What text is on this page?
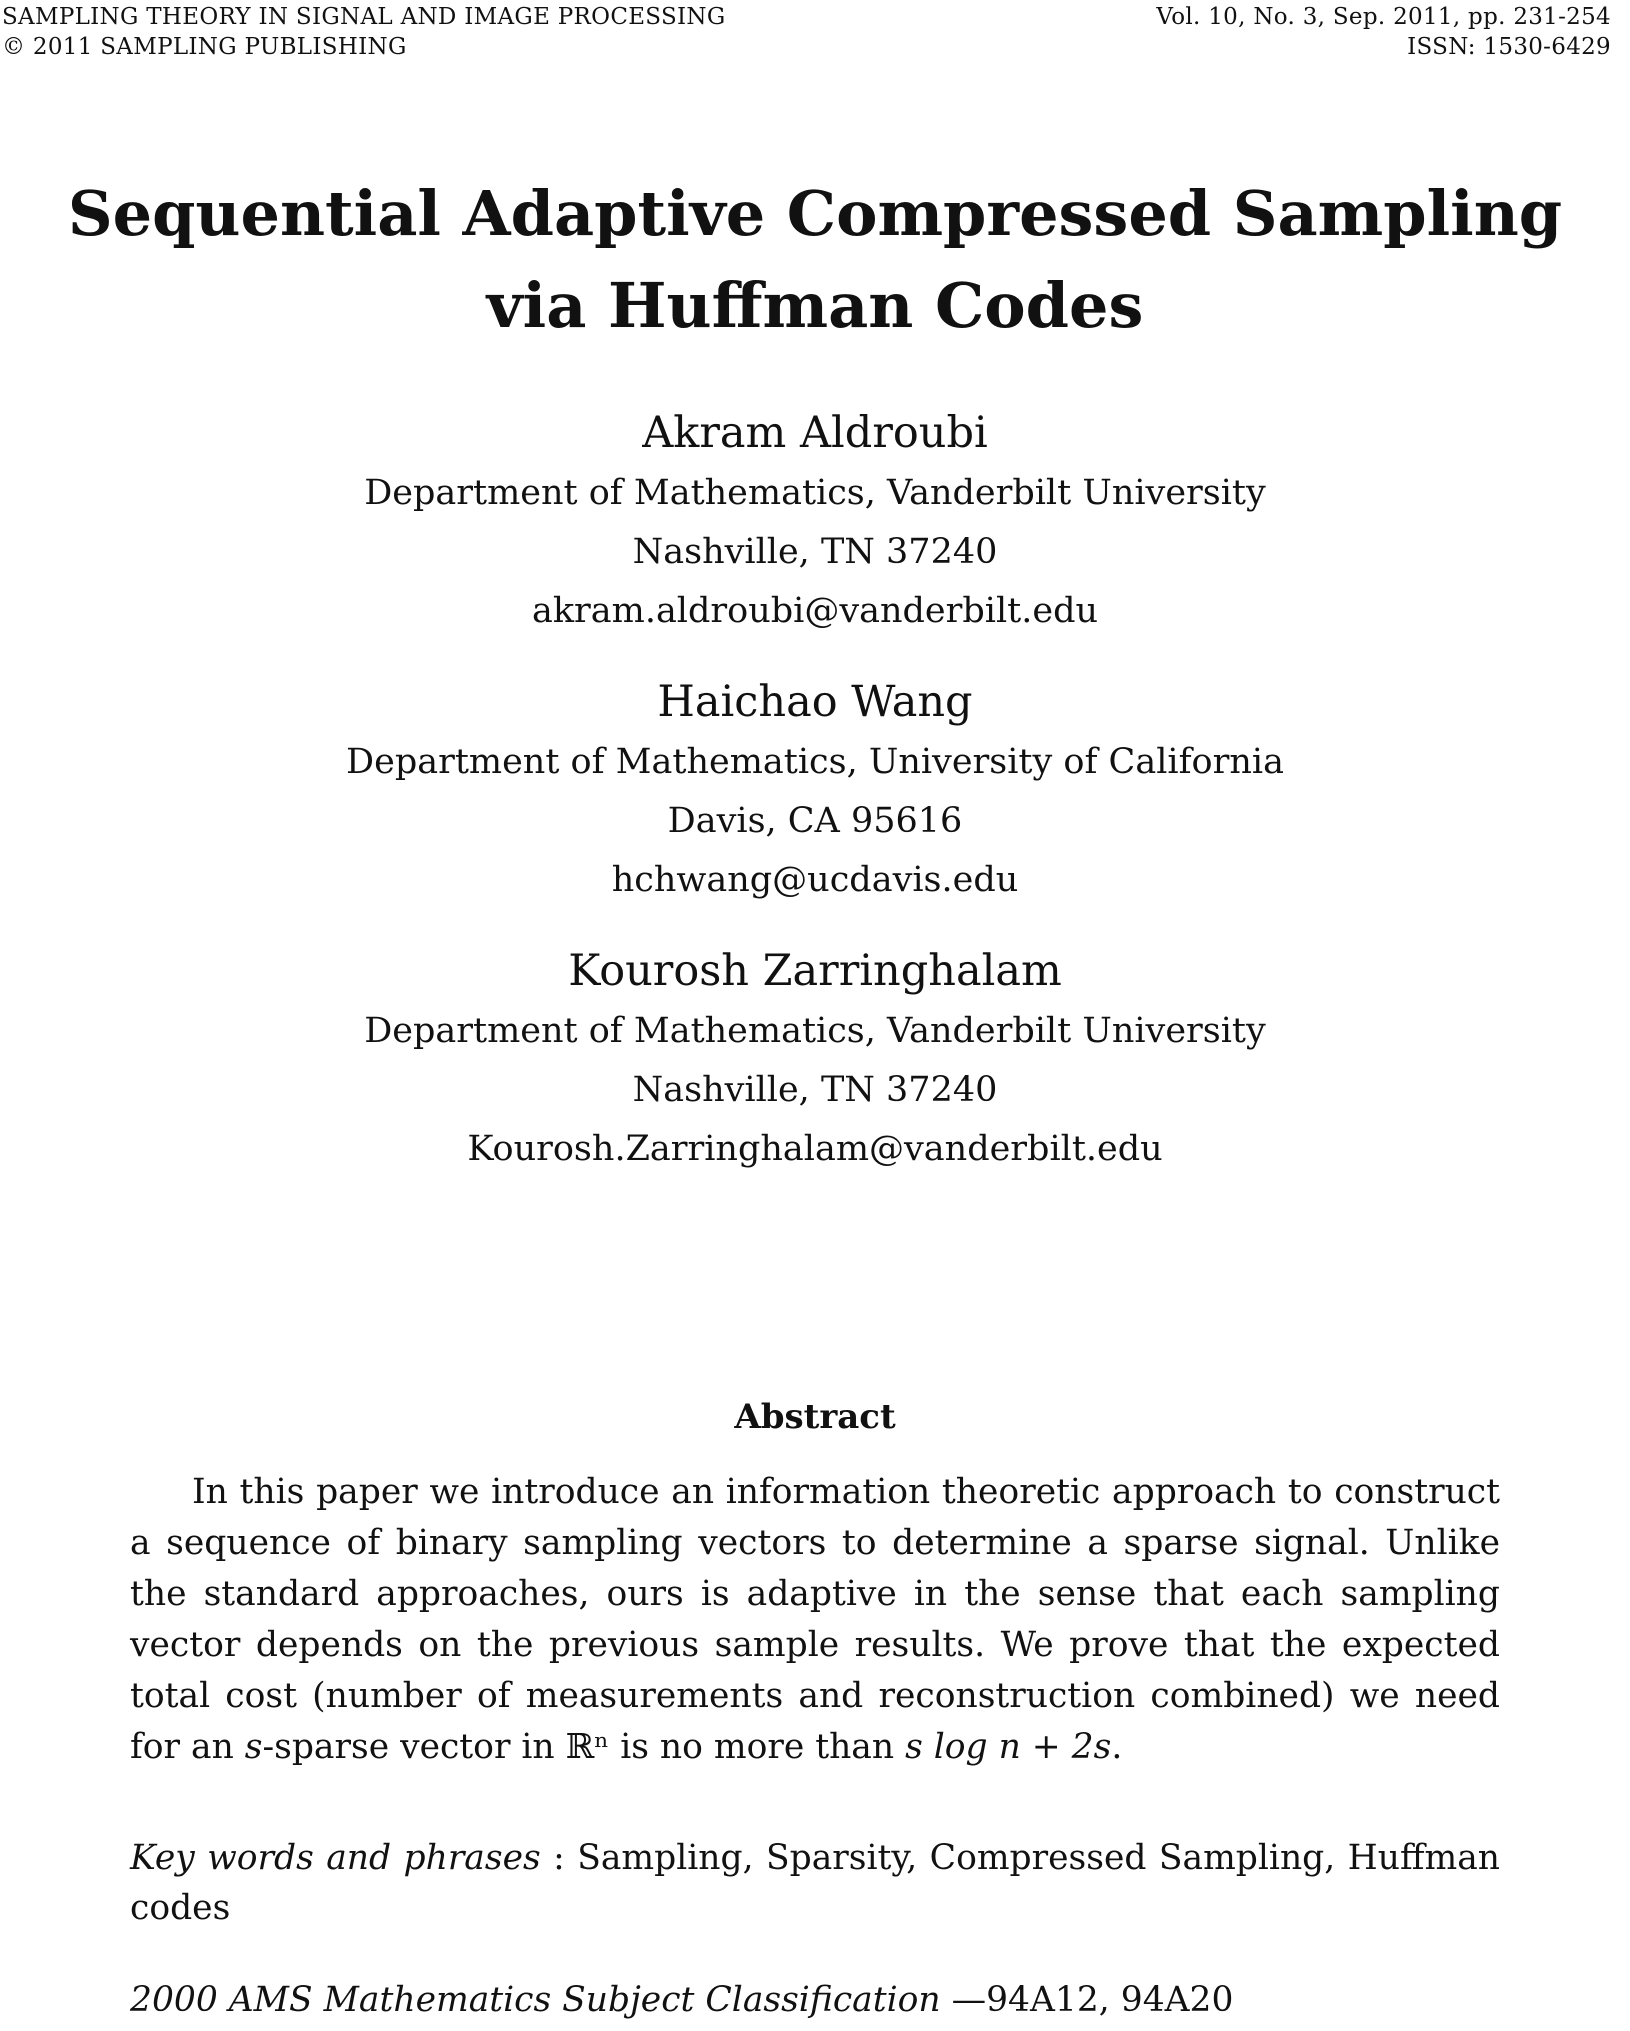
SAMPLING THEORY IN SIGNAL AND IMAGE PROCESSING
© 2011 SAMPLING PUBLISHING
Vol. 10, No. 3, Sep. 2011, pp. 231-254
ISSN: 1530-6429
Sequential Adaptive Compressed Sampling
via Huffman Codes
Akram Aldroubi
Department of Mathematics, Vanderbilt University
Nashville, TN 37240
akram.aldroubi@vanderbilt.edu
Haichao Wang
Department of Mathematics, University of California
Davis, CA 95616
hchwang@ucdavis.edu
Kourosh Zarringhalam
Department of Mathematics, Vanderbilt University
Nashville, TN 37240
Kourosh.Zarringhalam@vanderbilt.edu
Abstract
In this paper we introduce an information theoretic approach to construct a sequence of binary sampling vectors to determine a sparse signal. Unlike the standard approaches, ours is adaptive in the sense that each sampling vector depends on the previous sample results. We prove that the expected total cost (number of measurements and reconstruction combined) we need for an s-sparse vector in ℝⁿ is no more than s log n + 2s.
Key words and phrases : Sampling, Sparsity, Compressed Sampling, Huffman codes
2000 AMS Mathematics Subject Classification —94A12, 94A20
